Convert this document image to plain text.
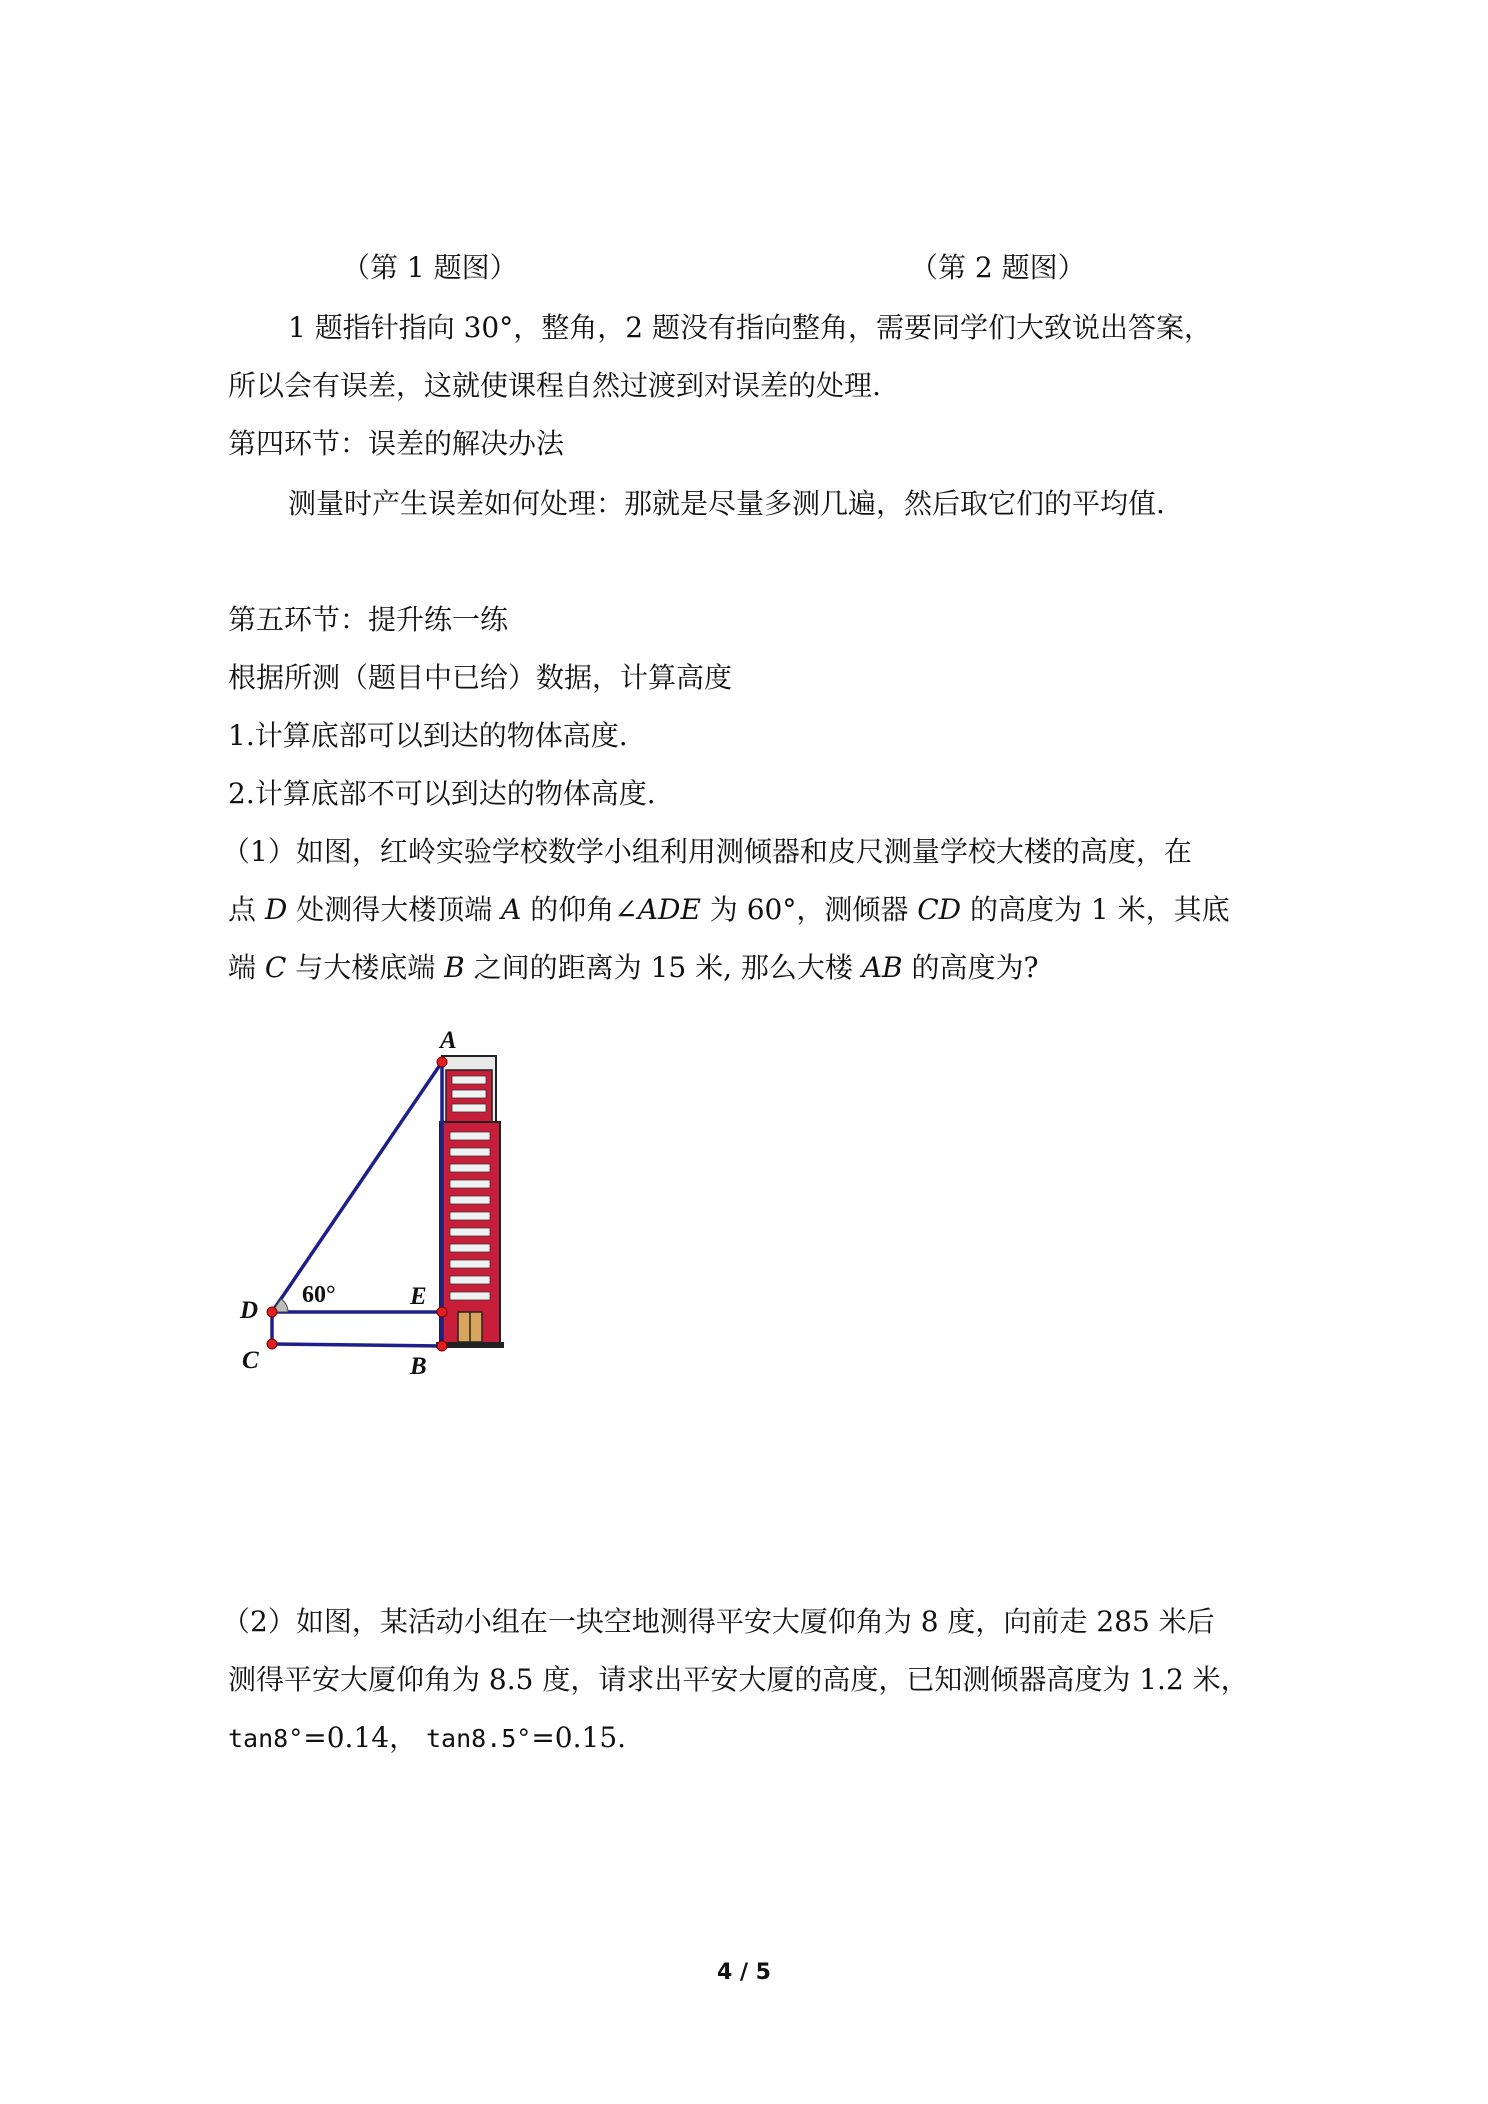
（第 1 题图）	（第 2 题图）
1 题指针指向 30°，整角，2 题没有指向整角，需要同学们大致说出答案，
所以会有误差，这就使课程自然过渡到对误差的处理.
第四环节：误差的解决办法
测量时产生误差如何处理：那就是尽量多测几遍，然后取它们的平均值.
第五环节：提升练一练
根据所测（题目中已给）数据，计算高度
1.计算底部可以到达的物体高度.
2.计算底部不可以到达的物体高度.
（1）如图，红岭实验学校数学小组利用测倾器和皮尺测量学校大楼的高度，在
点 D 处测得大楼顶端 A 的仰角∠ADE 为 60°，测倾器 CD 的高度为 1 米，其底
端 C 与大楼底端 B 之间的距离为 15 米, 那么大楼 AB 的高度为?
A
D
E
C	B
60°
（2）如图，某活动小组在一块空地测得平安大厦仰角为 8 度，向前走 285 米后
测得平安大厦仰角为 8.5 度，请求出平安大厦的高度，已知测倾器高度为 1.2 米，
tan8°=0.14， tan8.5°=0.15.
4 / 5
